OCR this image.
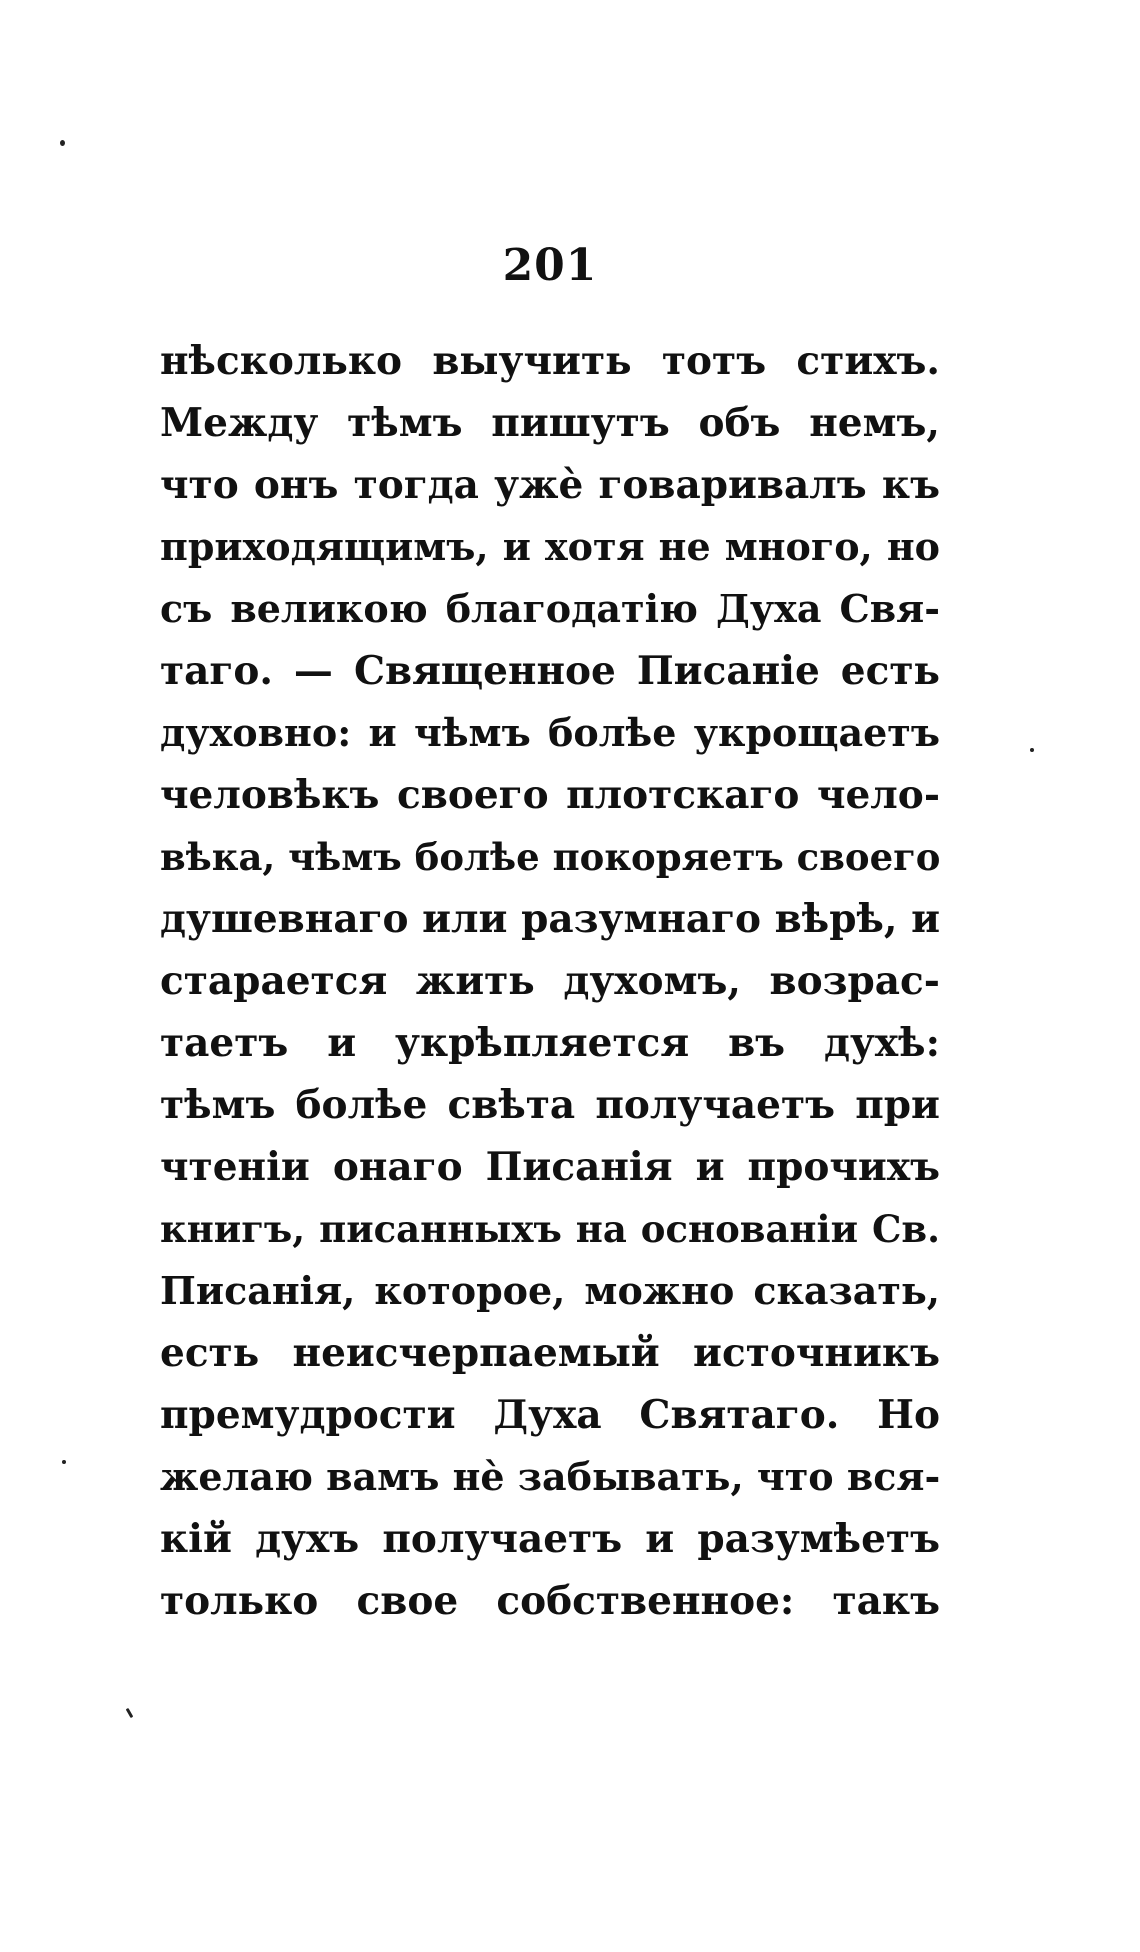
201
нѣсколько выучить тотъ стихъ.
Между тѣмъ пишутъ объ немъ,
что онъ тогда ужѐ говаривалъ къ
приходящимъ, и хотя не много, но
съ великою благодатію Духа Свя-
таго. — Священное Писаніе есть
духовно: и чѣмъ болѣе укрощаетъ
человѣкъ своего плотскаго чело-
вѣка, чѣмъ болѣе покоряетъ своего
душевнаго или разумнаго вѣрѣ, и
старается жить духомъ, возрас-
таетъ и укрѣпляется въ духѣ:
тѣмъ болѣе свѣта получаетъ при
чтеніи онаго Писанія и прочихъ
книгъ, писанныхъ на основаніи Св.
Писанія, которое, можно сказать,
есть неисчерпаемый источникъ
премудрости Духа Святаго. Но
желаю вамъ нѐ забывать, что вся-
кій духъ получаетъ и разумѣетъ
только свое собственное: такъ
